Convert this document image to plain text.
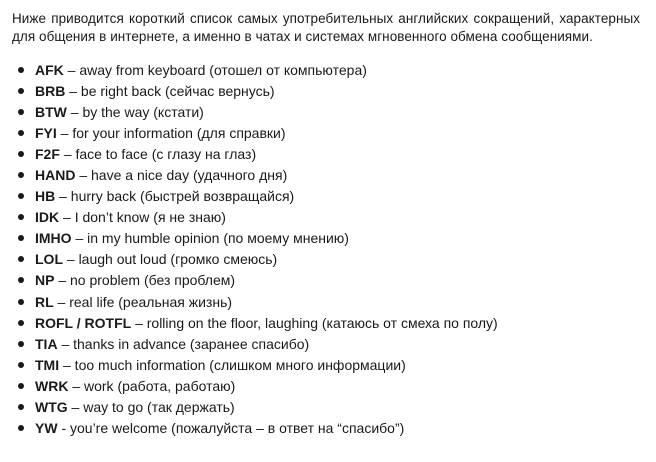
Ниже приводится короткий список самых употребительных английских сокращений, характерных для общения в интернете, а именно в чатах и системах мгновенного обмена сообщениями.

AFK – away from keyboard (отошел от компьютера)
BRB – be right back (сейчас вернусь)
BTW – by the way (кстати)
FYI – for your information (для справки)
F2F – face to face (с глазу на глаз)
HAND – have a nice day (удачного дня)
HB – hurry back (быстрей возвращайся)
IDK – I don’t know (я не знаю)
IMHO – in my humble opinion (по моему мнению)
LOL – laugh out loud (громко смеюсь)
NP – no problem (без проблем)
RL – real life (реальная жизнь)
ROFL / ROTFL – rolling on the floor, laughing (катаюсь от смеха по полу)
TIA – thanks in advance (заранее спасибо)
TMI – too much information (слишком много информации)
WRK – work (работа, работаю)
WTG – way to go (так держать)
YW - you’re welcome (пожалуйста – в ответ на “спасибо”)
